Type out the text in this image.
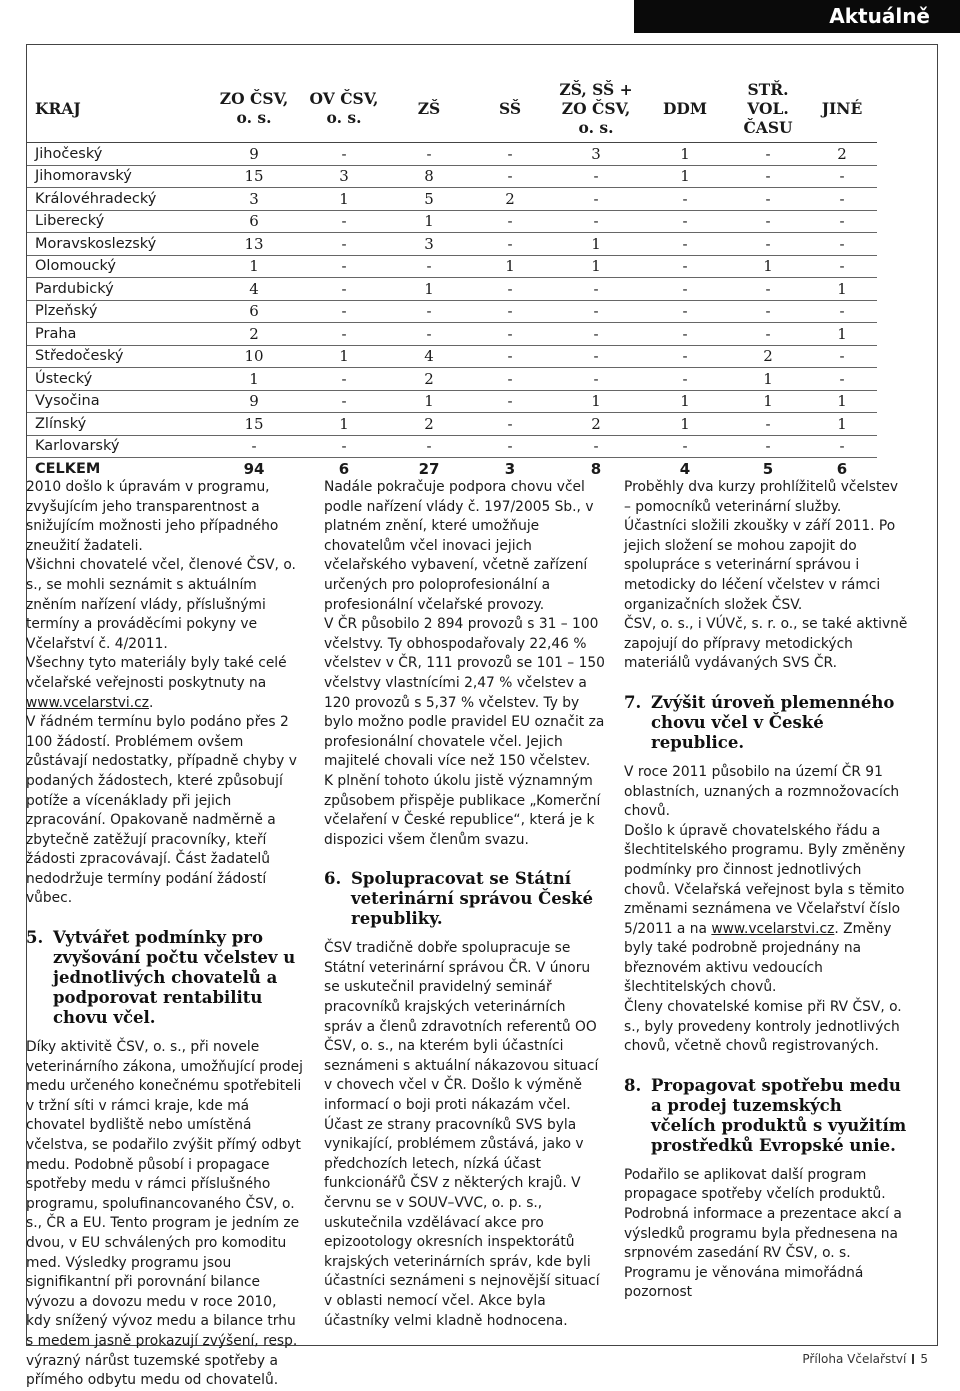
Aktuálně
KRAJ	ZO ČSV, o. s.	OV ČSV, o. s.	ZŠ	SŠ	ZŠ, SŠ + ZO ČSV, o. s.	DDM	STŘ. VOL. ČASU	JINÉ
Jihočeský	9	-	-	-	3	1	-	2
Jihomoravský	15	3	8	-	-	1	-	-
Královéhradecký	3	1	5	2	-	-	-	-
Liberecký	6	-	1	-	-	-	-	-
Moravskoslezský	13	-	3	-	1	-	-	-
Olomoucký	1	-	-	1	1	-	1	-
Pardubický	4	-	1	-	-	-	-	1
Plzeňský	6	-	-	-	-	-	-	-
Praha	2	-	-	-	-	-	-	1
Středočeský	10	1	4	-	-	-	2	-
Ústecký	1	-	2	-	-	-	1	-
Vysočina	9	-	1	-	1	1	1	1
Zlínský	15	1	2	-	2	1	-	1
Karlovarský	-	-	-	-	-	-	-	-
CELKEM	94	6	27	3	8	4	5	6

2010 došlo k úpravám v programu, zvyšujícím jeho transparentnost a snižujícím možnosti jeho případného zneužití žadateli.

Všichni chovatelé včel, členové ČSV, o. s., se mohli seznámit s aktuálním zněním nařízení vlády, příslušnými termíny a prováděcími pokyny ve Včelařství č. 4/2011.

Všechny tyto materiály byly také celé včelařské veřejnosti poskytnuty na www.vcelarstvi.cz.

V řádném termínu bylo podáno přes 2 100 žádostí. Problémem ovšem zůstávají nedostatky, případně chyby v podaných žádostech, které způsobují potíže a vícenáklady při jejich zpracování. Opakovaně nadměrně a zbytečně zatěžují pracovníky, kteří žádosti zpracovávají. Část žadatelů nedodržuje termíny podání žádostí vůbec.

5. Vytvářet podmínky pro zvyšování počtu včelstev u jednotlivých chovatelů a podporovat rentabilitu chovu včel.

Díky aktivitě ČSV, o. s., při novele veterinárního zákona, umožňující prodej medu určeného konečnému spotřebiteli v tržní síti v rámci kraje, kde má chovatel bydliště nebo umístěná včelstva, se podařilo zvýšit přímý odbyt medu. Podobně působí i propagace spotřeby medu v rámci příslušného programu, spolufinancovaného ČSV, o. s., ČR a EU. Tento program je jedním ze dvou, v EU schválených pro komoditu med. Výsledky programu jsou signifikantní při porovnání bilance vývozu a dovozu medu v roce 2010, kdy snížený vývoz medu a bilance trhu s medem jasně prokazují zvýšení, resp. výrazný nárůst tuzemské spotřeby a přímého odbytu medu od chovatelů.

Nadále pokračuje podpora chovu včel podle nařízení vlády č. 197/2005 Sb., v platném znění, které umožňuje chovatelům včel inovaci jejich včelařského vybavení, včetně zařízení určených pro poloprofesionální a profesionální včelařské provozy.

V ČR působilo 2 894 provozů s 31 – 100 včelstvy. Ty obhospodařovaly 22,46 % včelstev v ČR, 111 provozů se 101 – 150 včelstvy vlastnícími 2,47 % včelstev a 120 provozů s 5,37 % včelstev. Ty by bylo možno podle pravidel EU označit za profesionální chovatele včel. Jejich majitelé chovali více než 150 včelstev.

K plnění tohoto úkolu jistě významným způsobem přispěje publikace „Komerční včelaření v České republice“, která je k dispozici všem členům svazu.

6. Spolupracovat se Státní veterinární správou České republiky.

ČSV tradičně dobře spolupracuje se Státní veterinární správou ČR. V únoru se uskutečnil pravidelný seminář pracovníků krajských veterinárních správ a členů zdravotních referentů OO ČSV, o. s., na kterém byli účastníci seznámeni s aktuální nákazovou situací v chovech včel v ČR. Došlo k výměně informací o boji proti nákazám včel. Účast ze strany pracovníků SVS byla vynikající, problémem zůstává, jako v předchozích letech, nízká účast funkcionářů ČSV z některých krajů. V červnu se v SOUV–VVC, o. p. s., uskutečnila vzdělávací akce pro epizootology okresních inspektorátů krajských veterinárních správ, kde byli účastníci seznámeni s nejnovější situací v oblasti nemocí včel. Akce byla účastníky velmi kladně hodnocena.

Proběhly dva kurzy prohlížitelů včelstev – pomocníků veterinární služby. Účastníci složili zkoušky v září 2011. Po jejich složení se mohou zapojit do spolupráce s veterinární správou i metodicky do léčení včelstev v rámci organizačních složek ČSV.

ČSV, o. s., i VÚVč, s. r. o., se také aktivně zapojují do přípravy metodických materiálů vydávaných SVS ČR.

7. Zvýšit úroveň plemenného chovu včel v České republice.

V roce 2011 působilo na území ČR 91 oblastních, uznaných a rozmnožovacích chovů.

Došlo k úpravě chovatelského řádu a šlechtitelského programu. Byly změněny podmínky pro činnost jednotlivých chovů. Včelařská veřejnost byla s těmito změnami seznámena ve Včelařství číslo 5/2011 a na www.vcelarstvi.cz. Změny byly také podrobně projednány na březnovém aktivu vedoucích šlechtitelských chovů.

Členy chovatelské komise při RV ČSV, o. s., byly provedeny kontroly jednotlivých chovů, včetně chovů registrovaných.

8. Propagovat spotřebu medu a prodej tuzemských včelích produktů s využitím prostředků Evropské unie.

Podařilo se aplikovat další program propagace spotřeby včelích produktů. Podrobná informace a prezentace akcí a výsledků programu byla přednesena na srpnovém zasedání RV ČSV, o. s. Programu je věnována mimořádná pozornost

Příloha Včelařství 5
